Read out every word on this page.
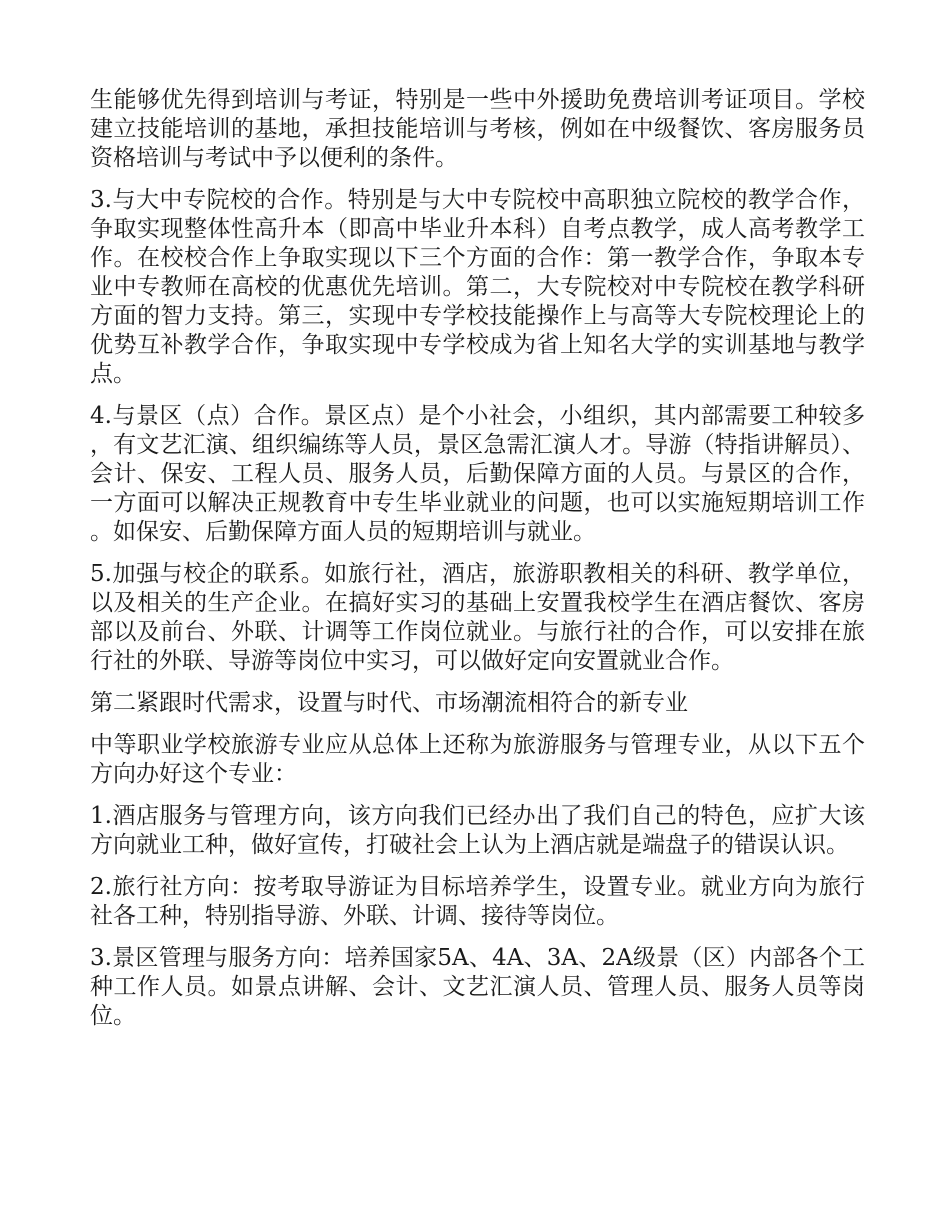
生能够优先得到培训与考证，特别是一些中外援助免费培训考证项目。学校建立技能培训的基地，承担技能培训与考核，例如在中级餐饮、客房服务员资格培训与考试中予以便利的条件。

3.与大中专院校的合作。特别是与大中专院校中高职独立院校的教学合作，争取实现整体性高升本（即高中毕业升本科）自考点教学，成人高考教学工作。在校校合作上争取实现以下三个方面的合作：第一教学合作，争取本专业中专教师在高校的优惠优先培训。第二，大专院校对中专院校在教学科研方面的智力支持。第三，实现中专学校技能操作上与高等大专院校理论上的优势互补教学合作，争取实现中专学校成为省上知名大学的实训基地与教学点。

4.与景区（点）合作。景区点）是个小社会，小组织，其内部需要工种较多，有文艺汇演、组织编练等人员，景区急需汇演人才。导游（特指讲解员）、会计、保安、工程人员、服务人员，后勤保障方面的人员。与景区的合作，一方面可以解决正规教育中专生毕业就业的问题，也可以实施短期培训工作。如保安、后勤保障方面人员的短期培训与就业。

5.加强与校企的联系。如旅行社，酒店，旅游职教相关的科研、教学单位，以及相关的生产企业。在搞好实习的基础上安置我校学生在酒店餐饮、客房部以及前台、外联、计调等工作岗位就业。与旅行社的合作，可以安排在旅行社的外联、导游等岗位中实习，可以做好定向安置就业合作。

第二紧跟时代需求，设置与时代、市场潮流相符合的新专业

中等职业学校旅游专业应从总体上还称为旅游服务与管理专业，从以下五个方向办好这个专业：

1.酒店服务与管理方向，该方向我们已经办出了我们自己的特色，应扩大该方向就业工种，做好宣传，打破社会上认为上酒店就是端盘子的错误认识。

2.旅行社方向：按考取导游证为目标培养学生，设置专业。就业方向为旅行社各工种，特别指导游、外联、计调、接待等岗位。

3.景区管理与服务方向：培养国家5A、4A、3A、2A级景（区）内部各个工种工作人员。如景点讲解、会计、文艺汇演人员、管理人员、服务人员等岗位。
